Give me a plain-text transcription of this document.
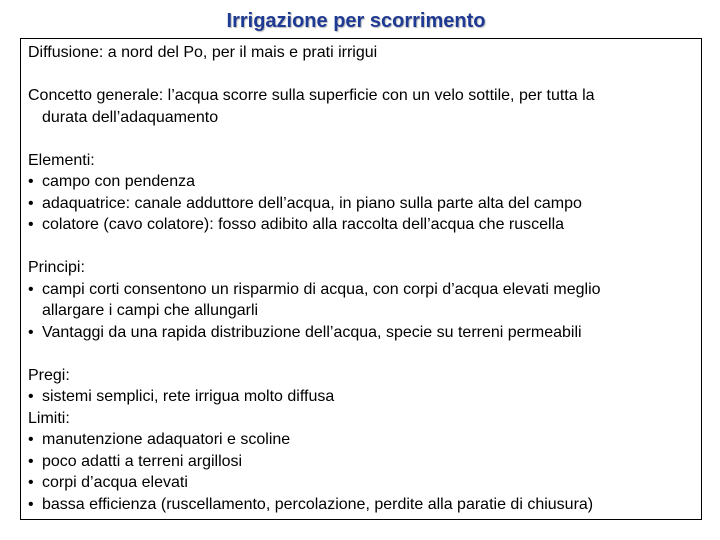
Irrigazione per scorrimento
Diffusione: a nord del Po, per il mais e prati irrigui
Concetto generale: l’acqua scorre sulla superficie con un velo sottile, per tutta la
durata dell’adaquamento
Elementi:
• campo con pendenza
• adaquatrice: canale adduttore dell’acqua, in piano sulla parte alta del campo
• colatore (cavo colatore): fosso adibito alla raccolta dell’acqua che ruscella
Principi:
• campi corti consentono un risparmio di acqua, con corpi d’acqua elevati meglio
allargare i campi che allungarli
• Vantaggi da una rapida distribuzione dell’acqua, specie su terreni permeabili
Pregi:
• sistemi semplici, rete irrigua molto diffusa
Limiti:
• manutenzione adaquatori e scoline
• poco adatti a terreni argillosi
• corpi d’acqua elevati
• bassa efficienza (ruscellamento, percolazione, perdite alla paratie di chiusura)
